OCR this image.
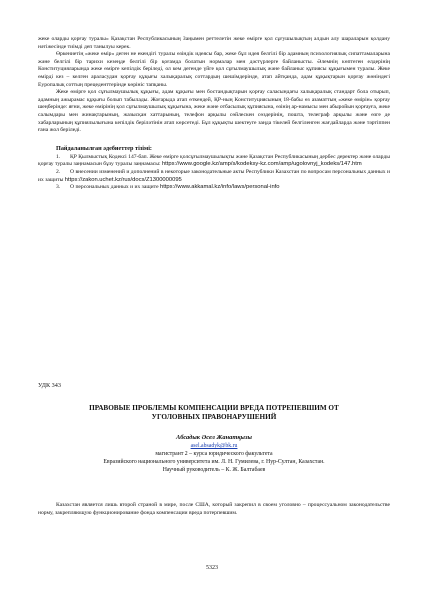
жеке оларды қорғау туралы» Қазақстан Республикасының Заңымен реттелетін жеке өмірге қол сұғушылықтың алдын алу шараларын қолдану нәтіжесінде тиімді деп танылуы керек.

Өркениетің «жеке өмір» деген не екендігі туралы өзіндік идеясы бар, жеке бұл идея белгілі бір адамның психологиялық сипаттамаларына және белгілі бір тарихи кезеңде белгілі бір қоғамда болатын нормалар мен дәстүрлерге байланысты. Әлемнің көптеген елдерінің Конституцияларында жеке өмірге кепілдік беріледі, ол кем дегенде үйге қол сұғылмаушылық және байланыс құпиясы құқығымен туралы. Жеке өмірді кез – келген араласудан қорғау құқығы халықаралық соттардың шешімдерінде, атап айтқанда, адам құқықтарын қорғау жөніндегі Еуропалық соттың прецеденттерінде көрініс тапқаны.

Жеке өмірге қол сұғылмаушылық құқығы, адам құқығы мен бостандықтарын қорғау саласындағы халықаралық стандарт бола отырып, адамның ажырамас құқығы болып табылады. Жоғарыда атап өткендей, ҚР-ның Конституциясының 18-бабы өз азаматтың «жеке өмірін» қорғау шеңберінде: яғни, жеке өмірінің қол сұғылмаушылық құқығына, жеке және отбасылық құпиясына, өзінің ар-намысы мен абыройын қорғауға, жеке салымдары мен жинақтарының, жазысқан хаттарының, телефон арқылы сөйлескен сөздерінің, пошта, телеграф арқылы және өзге де хабарларының құпиялылығына кепілдік беріләтінін атап көрсетеді. Бұл құқықты шектеуге заңда тікелей белгіленген жағдайларда және тәртіппен ғана жол беріледі.

Пайдаланылған әдебиеттер тізімі:

1. ҚР Қылмыстық Кодексі 147-бап. Жеке өмірге қолсұғылмаушылықты және Қазақстан Республикасының дербес деректер және оларды қорғау туралы заңнамасын бұзу туралы заңнамасы: https://www.google.kz/amp/s/kodeksy-kz.com/amp/ugolovnyj_kodeks/147.htm

2. О внесении изменений и дополнений в некоторые законодательные акты Республики Казахстан по вопросам персональных данных и их защиты https://zakon.uchet.kz/rus/docs/Z1300000095

3. О персональных данных и их защите https://www.akkamal.kz/info/laws/personal-info

УДК 343
ПРАВОВЫЕ ПРОБЛЕМЫ КОМПЕНСАЦИИ ВРЕДА ПОТРЕПЕВШИМ ОТ
УГОЛОВНЫХ ПРАВОНАРУШЕНИЙ
Абсадык Әсел Жанатқызы
asel.absadyk@bk.ru
магистрант 2 – курса юридического факультета
Евразийского национального университета им. Л. Н. Гумилева, г. Нур-Султан, Казахстан.
Научный руководитель – К. Ж. Балтабаев

Казахстан является лишь второй страной в мире, после США, который закрепил в своем уголовно – процессуальном законодательстве норму, закрепляющую функционирование фонда компенсации вреда потерпевшим.

5323
